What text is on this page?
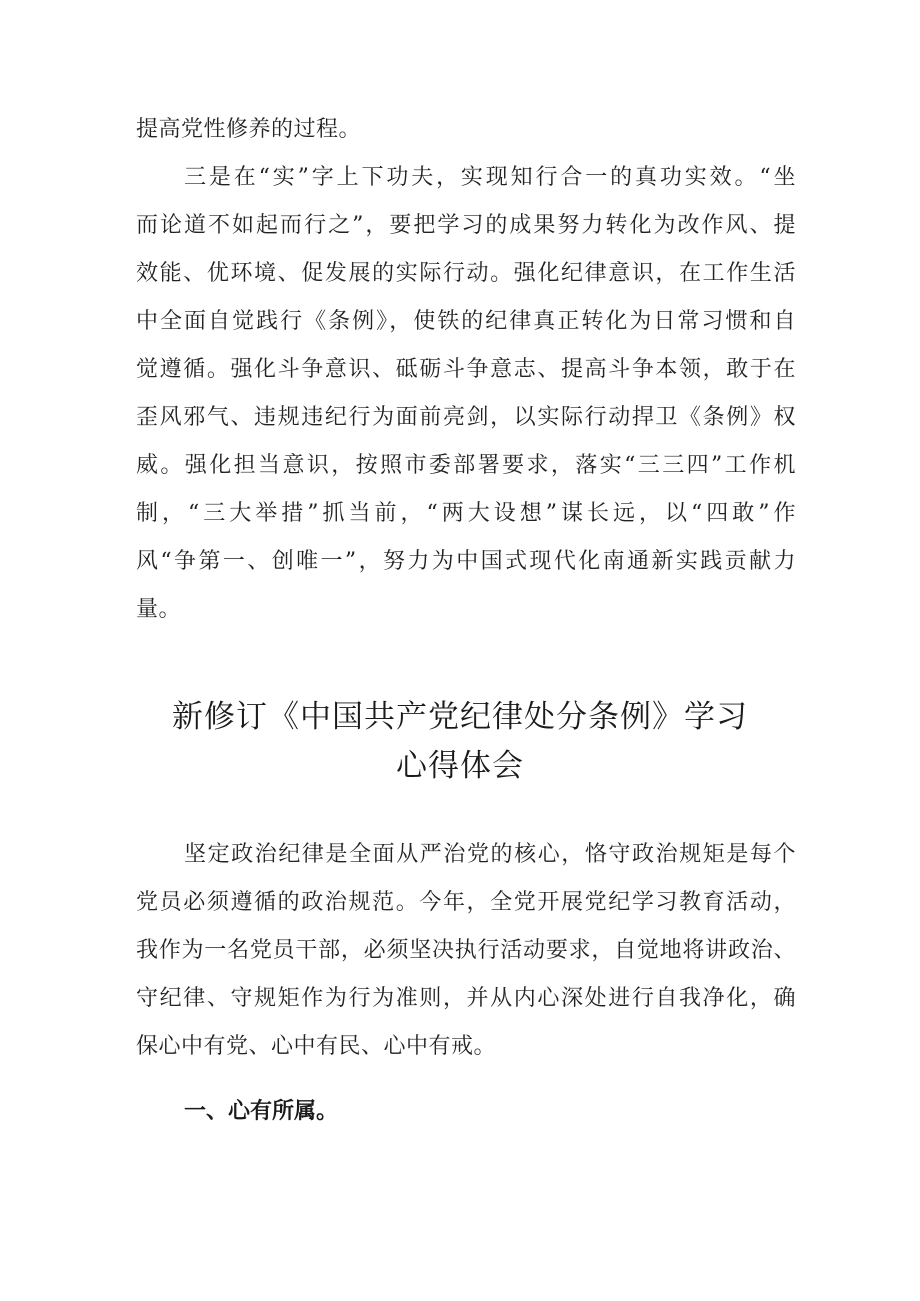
提高党性修养的过程。
三是在“实”字上下功夫，实现知行合一的真功实效。“坐
而论道不如起而行之”，要把学习的成果努力转化为改作风、提
效能、优环境、促发展的实际行动。强化纪律意识，在工作生活
中全面自觉践行《条例》，使铁的纪律真正转化为日常习惯和自
觉遵循。强化斗争意识、砥砺斗争意志、提高斗争本领，敢于在
歪风邪气、违规违纪行为面前亮剑，以实际行动捍卫《条例》权
威。强化担当意识，按照市委部署要求，落实“三三四”工作机
制，“三大举措”抓当前，“两大设想”谋长远，以“四敢”作
风“争第一、创唯一”，努力为中国式现代化南通新实践贡献力
量。
新修订《中国共产党纪律处分条例》学习
心得体会
坚定政治纪律是全面从严治党的核心，恪守政治规矩是每个
党员必须遵循的政治规范。今年，全党开展党纪学习教育活动，
我作为一名党员干部，必须坚决执行活动要求，自觉地将讲政治、
守纪律、守规矩作为行为准则，并从内心深处进行自我净化，确
保心中有党、心中有民、心中有戒。
一、心有所属。
